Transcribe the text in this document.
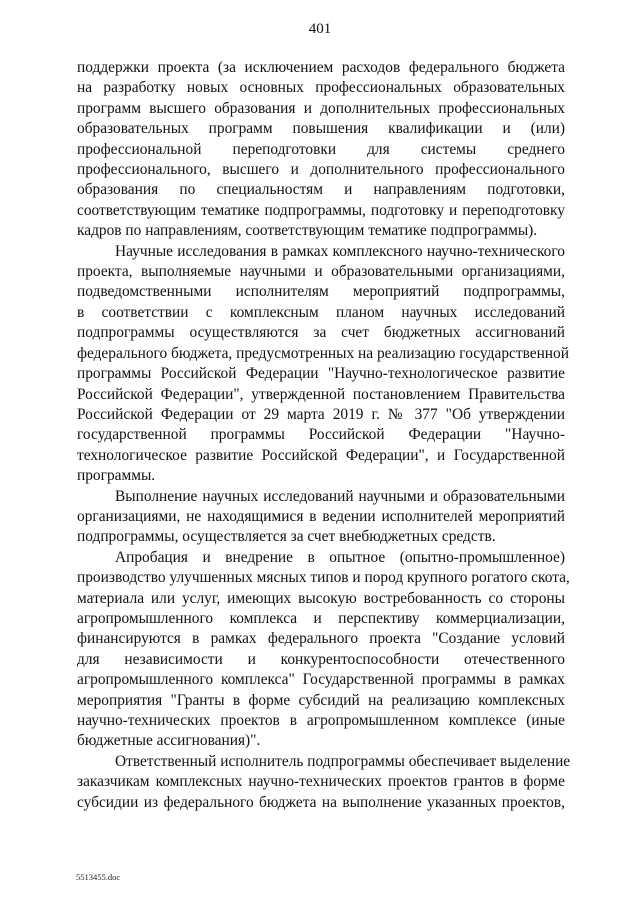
401
поддержки проекта (за исключением расходов федерального бюджета
на разработку новых основных профессиональных образовательных
программ высшего образования и дополнительных профессиональных
образовательных программ повышения квалификации и (или)
профессиональной переподготовки для системы среднего
профессионального, высшего и дополнительного профессионального
образования по специальностям и направлениям подготовки,
соответствующим тематике подпрограммы, подготовку и переподготовку
кадров по направлениям, соответствующим тематике подпрограммы).
Научные исследования в рамках комплексного научно-технического
проекта, выполняемые научными и образовательными организациями,
подведомственными исполнителям мероприятий подпрограммы,
в соответствии с комплексным планом научных исследований
подпрограммы осуществляются за счет бюджетных ассигнований
федерального бюджета, предусмотренных на реализацию государственной
программы Российской Федерации "Научно-технологическое развитие
Российской Федерации", утвержденной постановлением Правительства
Российской Федерации от 29 марта 2019 г. № 377 "Об утверждении
государственной программы Российской Федерации "Научно-
технологическое развитие Российской Федерации", и Государственной
программы.
Выполнение научных исследований научными и образовательными
организациями, не находящимися в ведении исполнителей мероприятий
подпрограммы, осуществляется за счет внебюджетных средств.
Апробация и внедрение в опытное (опытно-промышленное)
производство улучшенных мясных типов и пород крупного рогатого скота,
материала или услуг, имеющих высокую востребованность со стороны
агропромышленного комплекса и перспективу коммерциализации,
финансируются в рамках федерального проекта "Создание условий
для независимости и конкурентоспособности отечественного
агропромышленного комплекса" Государственной программы в рамках
мероприятия "Гранты в форме субсидий на реализацию комплексных
научно-технических проектов в агропромышленном комплексе (иные
бюджетные ассигнования)".
Ответственный исполнитель подпрограммы обеспечивает выделение
заказчикам комплексных научно-технических проектов грантов в форме
субсидии из федерального бюджета на выполнение указанных проектов,
5513455.doc
